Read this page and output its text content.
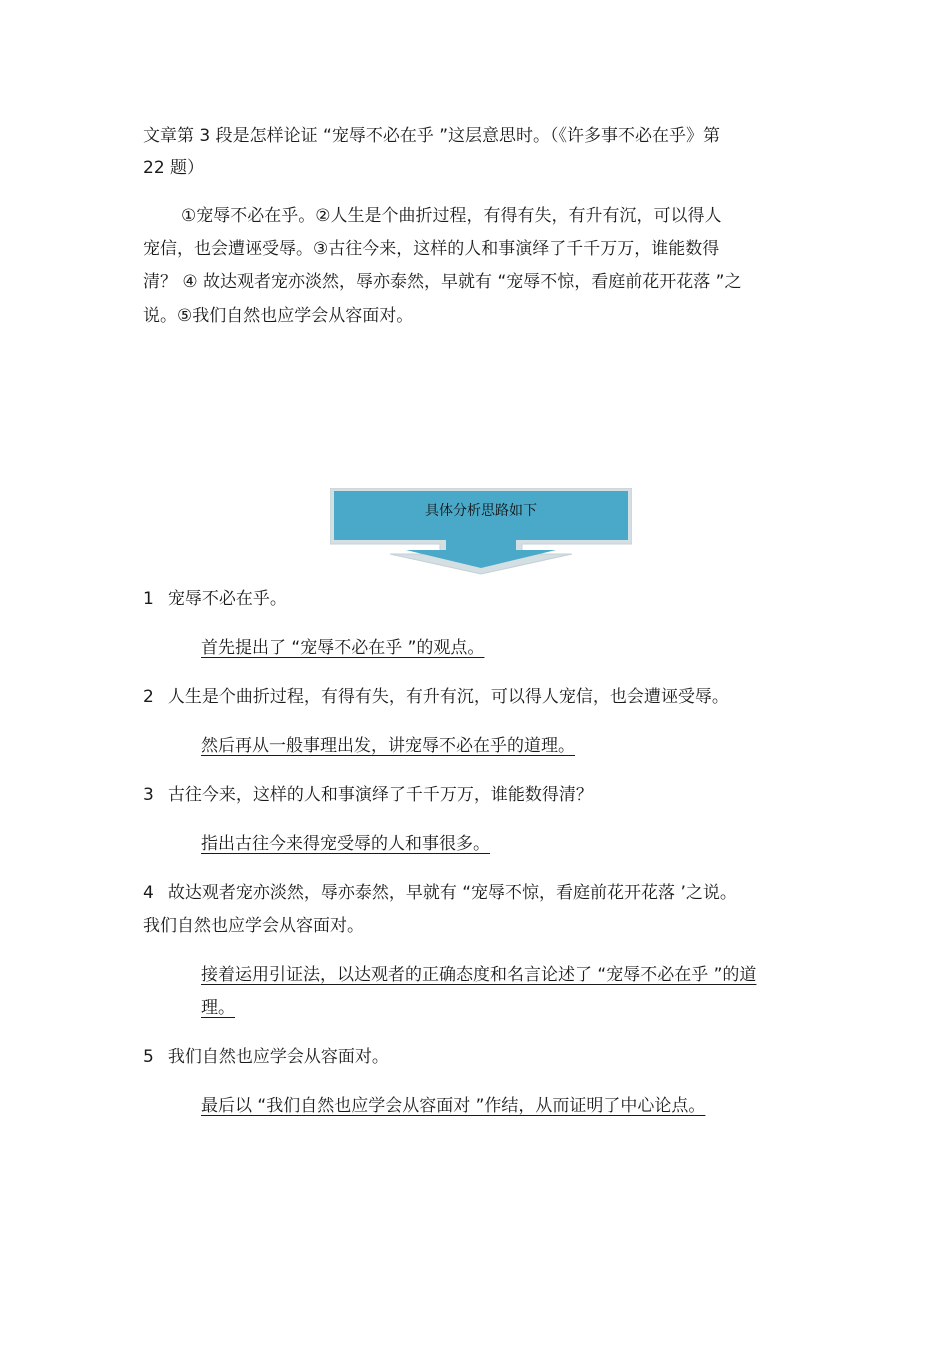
文章第 3 段是怎样论证 “宠辱不必在乎 ”这层意思时。（《许多事不必在乎》第
22 题）
①宠辱不必在乎。②人生是个曲折过程，有得有失，有升有沉，可以得人
宠信，也会遭诬受辱。③古往今来，这样的人和事演绎了千千万万，谁能数得
清？ ④ 故达观者宠亦淡然，辱亦泰然，早就有 “宠辱不惊，看庭前花开花落 ”之
说。⑤我们自然也应学会从容面对。
具体分析思路如下
1 宠辱不必在乎。
首先提出了 “宠辱不必在乎 ”的观点。
2 人生是个曲折过程，有得有失，有升有沉，可以得人宠信，也会遭诬受辱。
然后再从一般事理出发，讲宠辱不必在乎的道理。
3 古往今来，这样的人和事演绎了千千万万，谁能数得清？
指出古往今来得宠受辱的人和事很多。
4 故达观者宠亦淡然，辱亦泰然，早就有 “宠辱不惊，看庭前花开花落 ’之说。
我们自然也应学会从容面对。
接着运用引证法，以达观者的正确态度和名言论述了 “宠辱不必在乎 ”的道
理。
5 我们自然也应学会从容面对。
最后以 “我们自然也应学会从容面对 ”作结，从而证明了中心论点。
